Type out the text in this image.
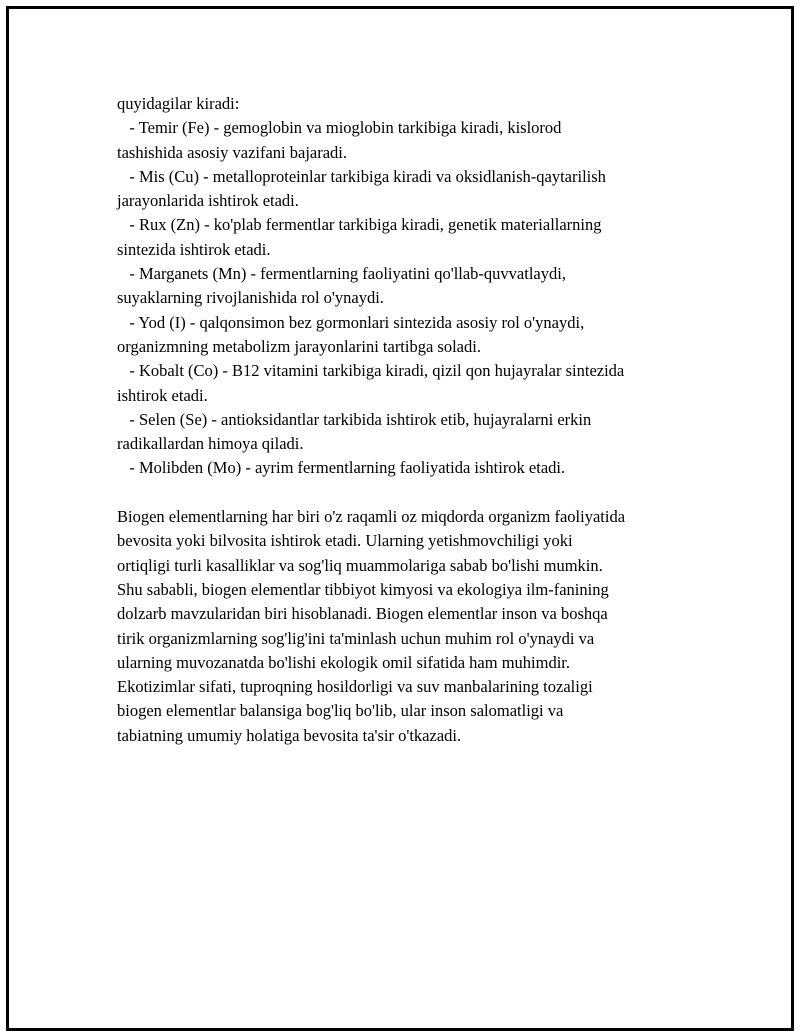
quyidagilar kiradi:
- Temir (Fe) - gemoglobin va mioglobin tarkibiga kiradi, kislorod
tashishida asosiy vazifani bajaradi.
- Mis (Cu) - metalloproteinlar tarkibiga kiradi va oksidlanish-qaytarilish
jarayonlarida ishtirok etadi.
- Rux (Zn) - ko'plab fermentlar tarkibiga kiradi, genetik materiallarning
sintezida ishtirok etadi.
- Marganets (Mn) - fermentlarning faoliyatini qo'llab-quvvatlaydi,
suyaklarning rivojlanishida rol o'ynaydi.
- Yod (I) - qalqonsimon bez gormonlari sintezida asosiy rol o'ynaydi,
organizmning metabolizm jarayonlarini tartibga soladi.
- Kobalt (Co) - B12 vitamini tarkibiga kiradi, qizil qon hujayralar sintezida
ishtirok etadi.
- Selen (Se) - antioksidantlar tarkibida ishtirok etib, hujayralarni erkin
radikallardan himoya qiladi.
- Molibden (Mo) - ayrim fermentlarning faoliyatida ishtirok etadi.
Biogen elementlarning har biri o'z raqamli oz miqdorda organizm faoliyatida
bevosita yoki bilvosita ishtirok etadi. Ularning yetishmovchiligi yoki
ortiqligi turli kasalliklar va sog'liq muammolariga sabab bo'lishi mumkin.
Shu sababli, biogen elementlar tibbiyot kimyosi va ekologiya ilm-fanining
dolzarb mavzularidan biri hisoblanadi. Biogen elementlar inson va boshqa
tirik organizmlarning sog'lig'ini ta'minlash uchun muhim rol o'ynaydi va
ularning muvozanatda bo'lishi ekologik omil sifatida ham muhimdir.
Ekotizimlar sifati, tuproqning hosildorligi va suv manbalarining tozaligi
biogen elementlar balansiga bog'liq bo'lib, ular inson salomatligi va
tabiatning umumiy holatiga bevosita ta'sir o'tkazadi.
